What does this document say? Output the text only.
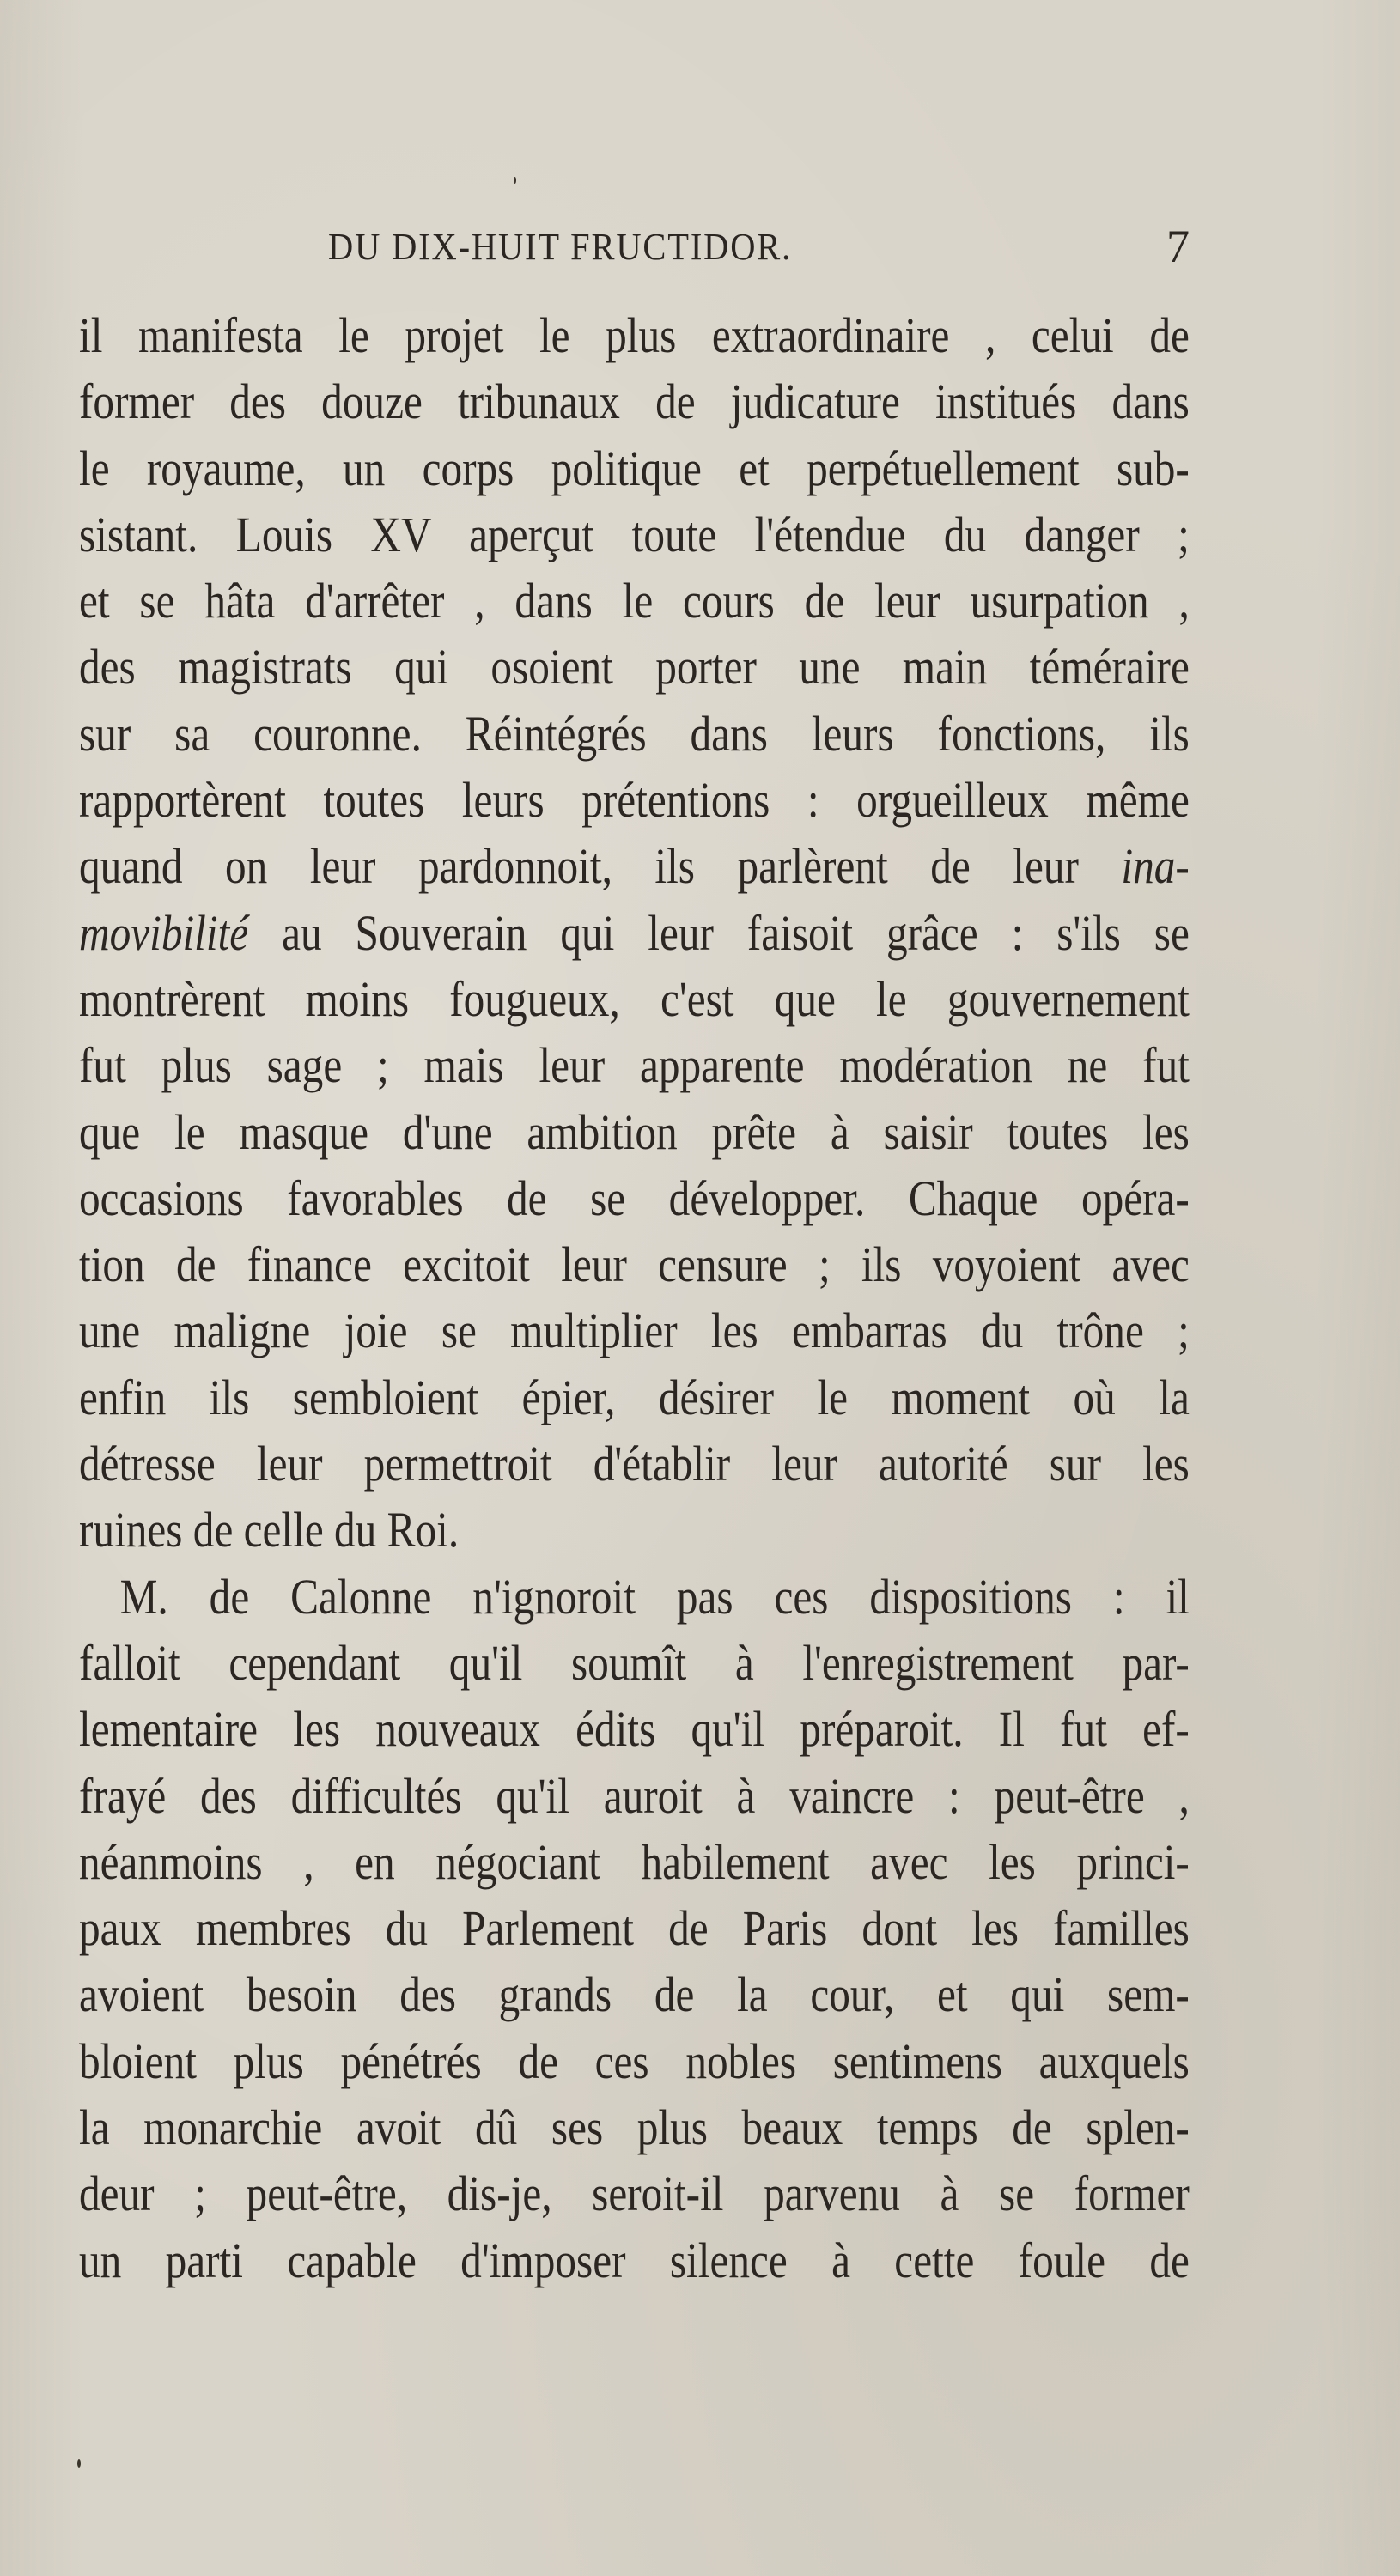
DU DIX-HUIT FRUCTIDOR.	7
il manifesta le projet le plus extraordinaire , celui de
former des douze tribunaux de judicature institués dans
le royaume, un corps politique et perpétuellement sub-
sistant. Louis XV aperçut toute l'étendue du danger ;
et se hâta d'arrêter , dans le cours de leur usurpation ,
des magistrats qui osoient porter une main téméraire
sur sa couronne. Réintégrés dans leurs fonctions, ils
rapportèrent toutes leurs prétentions : orgueilleux même
quand on leur pardonnoit, ils parlèrent de leur ina-
movibilité au Souverain qui leur faisoit grâce : s'ils se
montrèrent moins fougueux, c'est que le gouvernement
fut plus sage ; mais leur apparente modération ne fut
que le masque d'une ambition prête à saisir toutes les
occasions favorables de se développer. Chaque opéra-
tion de finance excitoit leur censure ; ils voyoient avec
une maligne joie se multiplier les embarras du trône ;
enfin ils sembloient épier, désirer le moment où la
détresse leur permettroit d'établir leur autorité sur les
ruines de celle du Roi.
M. de Calonne n'ignoroit pas ces dispositions : il
falloit cependant qu'il soumît à l'enregistrement par-
lementaire les nouveaux édits qu'il préparoit. Il fut ef-
frayé des difficultés qu'il auroit à vaincre : peut-être ,
néanmoins , en négociant habilement avec les princi-
paux membres du Parlement de Paris dont les familles
avoient besoin des grands de la cour, et qui sem-
bloient plus pénétrés de ces nobles sentimens auxquels
la monarchie avoit dû ses plus beaux temps de splen-
deur ; peut-être, dis-je, seroit-il parvenu à se former
un parti capable d'imposer silence à cette foule de
